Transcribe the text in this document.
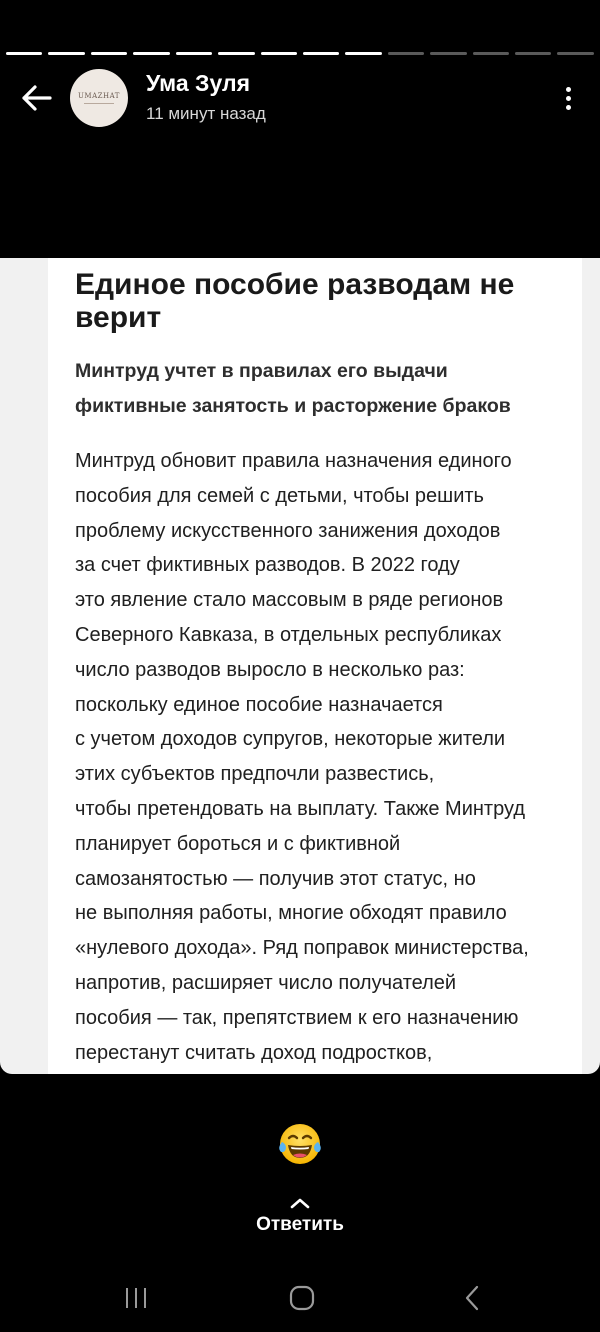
UMAZHAT Ума Зуля
11 минут назад
Единое пособие разводам не верит

Минтруд учтет в правилах его выдачи фиктивные занятость и расторжение браков

Минтруд обновит правила назначения единого
пособия для семей с детьми, чтобы решить
проблему искусственного занижения доходов
за счет фиктивных разводов. В 2022 году
это явление стало массовым в ряде регионов
Северного Кавказа, в отдельных республиках
число разводов выросло в несколько раз:
поскольку единое пособие назначается
с учетом доходов супругов, некоторые жители
этих субъектов предпочли развестись,
чтобы претендовать на выплату. Также Минтруд
планирует бороться и с фиктивной
самозанятостью — получив этот статус, но
не выполняя работы, многие обходят правило
«нулевого дохода». Ряд поправок министерства,
напротив, расширяет число получателей
пособия — так, препятствием к его назначению
перестанут считать доход подростков,
Ответить
